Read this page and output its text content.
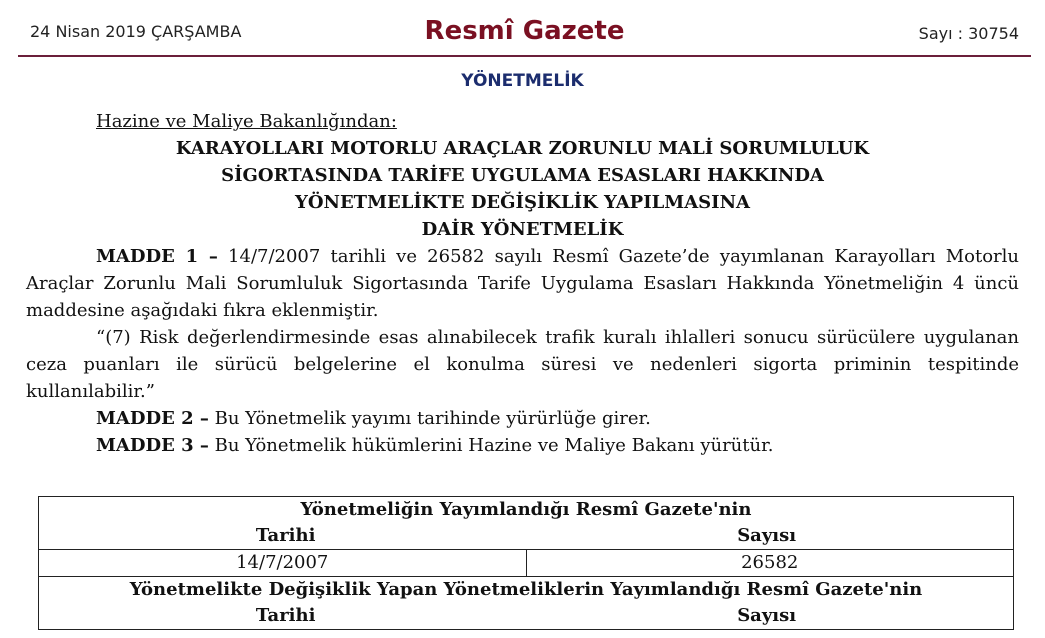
24 Nisan 2019 ÇARŞAMBA	Resmî Gazete	Sayı : 30754
YÖNETMELİK
Hazine ve Maliye Bakanlığından:
KARAYOLLARI MOTORLU ARAÇLAR ZORUNLU MALİ SORUMLULUK
SİGORTASINDA TARİFE UYGULAMA ESASLARI HAKKINDA
YÖNETMELİKTE DEĞİŞİKLİK YAPILMASINA
DAİR YÖNETMELİK
MADDE 1 – 14/7/2007 tarihli ve 26582 sayılı Resmî Gazete’de yayımlanan Karayolları Motorlu Araçlar Zorunlu Mali Sorumluluk Sigortasında Tarife Uygulama Esasları Hakkında Yönetmeliğin 4 üncü maddesine aşağıdaki fıkra eklenmiştir.
“(7) Risk değerlendirmesinde esas alınabilecek trafik kuralı ihlalleri sonucu sürücülere uygulanan ceza puanları ile sürücü belgelerine el konulma süresi ve nedenleri sigorta priminin tespitinde kullanılabilir.”
MADDE 2 – Bu Yönetmelik yayımı tarihinde yürürlüğe girer.
MADDE 3 – Bu Yönetmelik hükümlerini Hazine ve Maliye Bakanı yürütür.
Yönetmeliğin Yayımlandığı Resmî Gazete'nin
Tarihi	Sayısı

14/7/2007	26582

Yönetmelikte Değişiklik Yapan Yönetmeliklerin Yayımlandığı Resmî Gazete'nin
Tarihi	Sayısı
